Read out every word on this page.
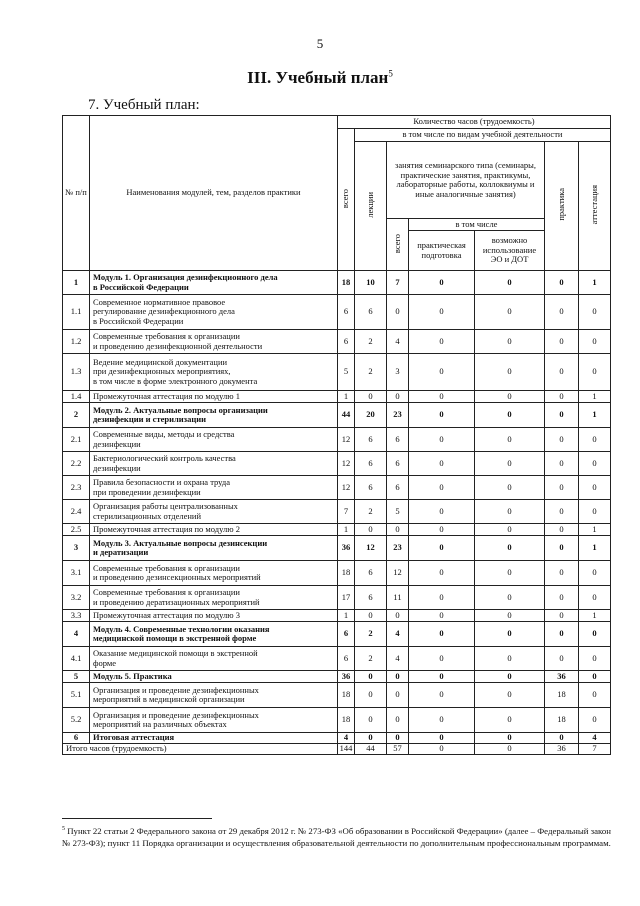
5
III. Учебный план$^5$
7. Учебный план:
№ п/п	Наименования модулей, тем, разделов практики	Количество часов (трудоемкость)						
		всего	в том числе по видам учебной деятельности					
			лекции	занятия семинарского типа (семинары, практические занятия, практикумы, лабораторные работы, коллоквиумы и иные аналогичные занятия)			практика	аттестация
				всего	в том числе			
					практическая подготовка	возможно использование ЭО и ДОТ		
1	Модуль 1. Организация дезинфекционного дела
в Российской Федерации	18	10	7	0	0	0	1
1.1	Современное нормативное правовое
регулирование дезинфекционного дела
в Российской Федерации	6	6	0	0	0	0	0
1.2	Современные требования к организации
и проведению дезинфекционной деятельности	6	2	4	0	0	0	0
1.3	Ведение медицинской документации
при дезинфекционных мероприятиях,
в том числе в форме электронного документа	5	2	3	0	0	0	0
1.4	Промежуточная аттестация по модулю 1	1	0	0	0	0	0	1
2	Модуль 2. Актуальные вопросы организации
дезинфекции и стерилизации	44	20	23	0	0	0	1
2.1	Современные виды, методы и средства
дезинфекции	12	6	6	0	0	0	0
2.2	Бактериологический контроль качества
дезинфекции	12	6	6	0	0	0	0
2.3	Правила безопасности и охрана труда
при проведении дезинфекции	12	6	6	0	0	0	0
2.4	Организация работы централизованных
стерилизационных отделений	7	2	5	0	0	0	0
2.5	Промежуточная аттестация по модулю 2	1	0	0	0	0	0	1
3	Модуль 3. Актуальные вопросы дезинсекции
и дератизации	36	12	23	0	0	0	1
3.1	Современные требования к организации
и проведению дезинсекционных мероприятий	18	6	12	0	0	0	0
3.2	Современные требования к организации
и проведению дератизационных мероприятий	17	6	11	0	0	0	0
3.3	Промежуточная аттестация по модулю 3	1	0	0	0	0	0	1
4	Модуль 4. Современные технологии оказания
медицинской помощи в экстренной форме	6	2	4	0	0	0	0
4.1	Оказание медицинской помощи в экстренной
форме	6	2	4	0	0	0	0
5	Модуль 5. Практика	36	0	0	0	0	36	0
5.1	Организация и проведение дезинфекционных
мероприятий в медицинской организации	18	0	0	0	0	18	0
5.2	Организация и проведение дезинфекционных
мероприятий на различных объектах	18	0	0	0	0	18	0
6	Итоговая аттестация	4	0	0	0	0	0	4
Итого часов (трудоемкость)		144	44	57	0	0	36	7
$^5$ Пункт 22 статьи 2 Федерального закона от 29 декабря 2012 г. № 273-ФЗ «Об образовании в Российской Федерации» (далее – Федеральный закон № 273-ФЗ); пункт 11 Порядка организации и осуществления образовательной деятельности по дополнительным профессиональным программам.
